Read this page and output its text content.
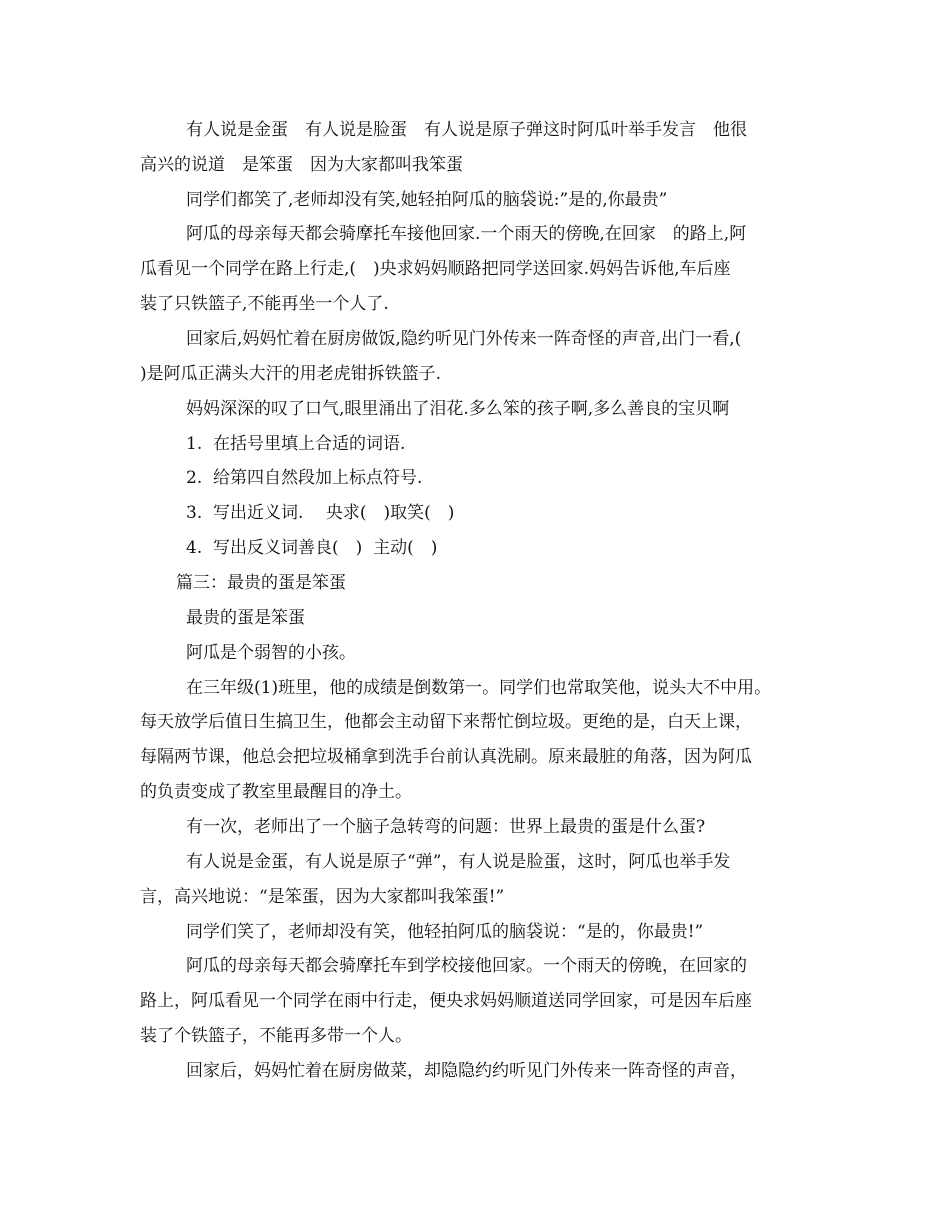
有人说是金蛋　有人说是脸蛋　有人说是原子弹这时阿瓜叶举手发言　他很
高兴的说道　是笨蛋　因为大家都叫我笨蛋
同学们都笑了,老师却没有笑,她轻拍阿瓜的脑袋说:”是的,你最贵”
阿瓜的母亲每天都会骑摩托车接他回家.一个雨天的傍晚,在回家　的路上,阿
瓜看见一个同学在路上行走,(　)央求妈妈顺路把同学送回家.妈妈告诉他,车后座
装了只铁篮子,不能再坐一个人了.
回家后,妈妈忙着在厨房做饭,隐约听见门外传来一阵奇怪的声音,出门一看,(
)是阿瓜正满头大汗的用老虎钳拆铁篮子.
妈妈深深的叹了口气,眼里涌出了泪花.多么笨的孩子啊,多么善良的宝贝啊
1.  在括号里填上合适的词语.
2.  给第四自然段加上标点符号.
3.  写出近义词.　 央求(　)取笑(　)
4.  写出反义词善良(　)  主动(　)
篇三：最贵的蛋是笨蛋
最贵的蛋是笨蛋
阿瓜是个弱智的小孩。
在三年级(1)班里，他的成绩是倒数第一。同学们也常取笑他，说头大不中用。
每天放学后值日生搞卫生，他都会主动留下来帮忙倒垃圾。更绝的是，白天上课，
每隔两节课，他总会把垃圾桶拿到洗手台前认真洗刷。原来最脏的角落，因为阿瓜
的负责变成了教室里最醒目的净土。
有一次，老师出了一个脑子急转弯的问题：世界上最贵的蛋是什么蛋?
有人说是金蛋，有人说是原子“弹”，有人说是脸蛋，这时，阿瓜也举手发
言，高兴地说：“是笨蛋，因为大家都叫我笨蛋!”
同学们笑了，老师却没有笑，他轻拍阿瓜的脑袋说：“是的，你最贵!”
阿瓜的母亲每天都会骑摩托车到学校接他回家。一个雨天的傍晚，在回家的
路上，阿瓜看见一个同学在雨中行走，便央求妈妈顺道送同学回家，可是因车后座
装了个铁篮子，不能再多带一个人。
回家后，妈妈忙着在厨房做菜，却隐隐约约听见门外传来一阵奇怪的声音，
